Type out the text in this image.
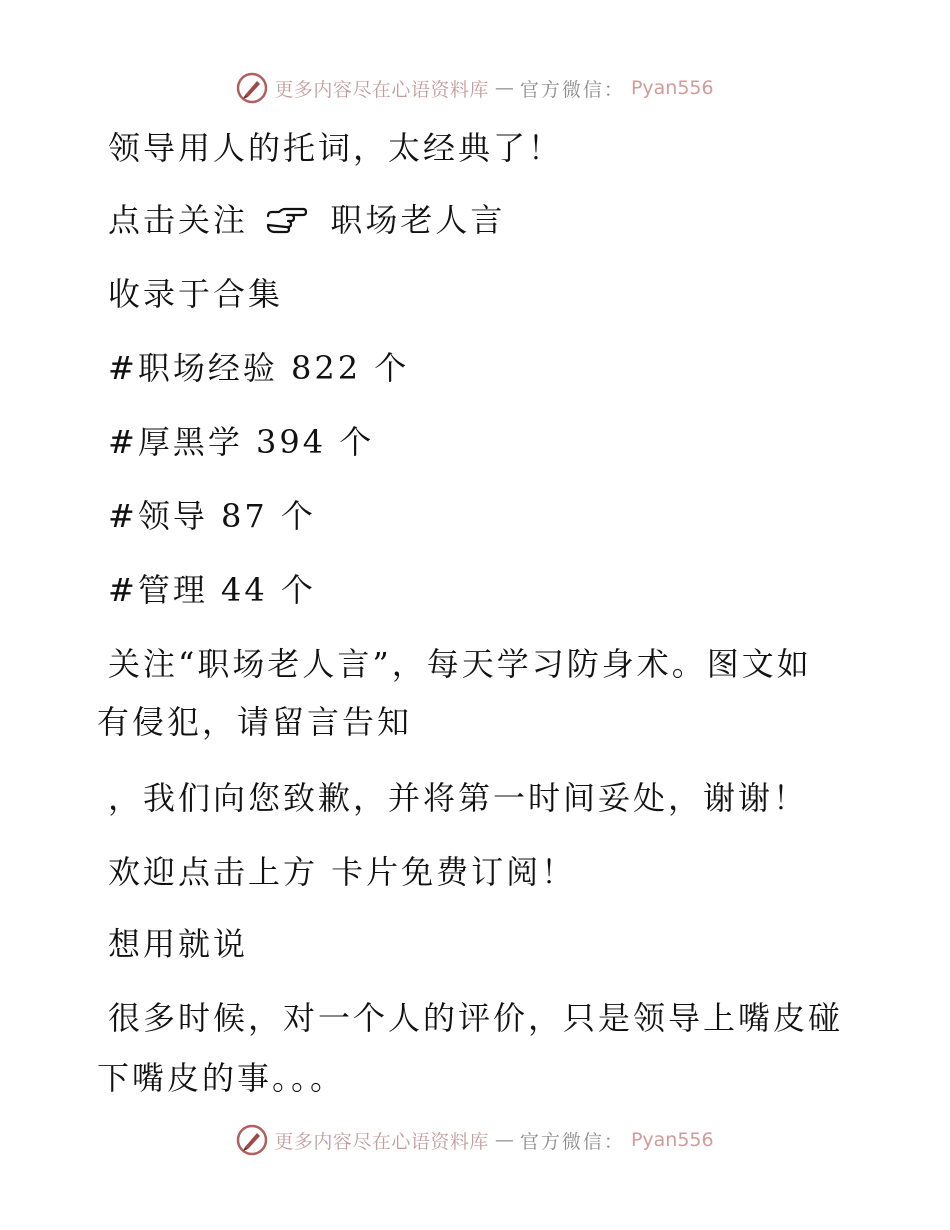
更多内容尽在心语资料库 — 官方微信： Pyan556
领导用人的托词，太经典了！
点击关注	职场老人言
收录于合集
#职场经验 822 个
#厚黑学 394 个
#领导 87 个
#管理 44 个
关注“职场老人言”，每天学习防身术。图文如
有侵犯，请留言告知
，我们向您致歉，并将第一时间妥处，谢谢！
欢迎点击上方 卡片免费订阅！
想用就说
很多时候，对一个人的评价，只是领导上嘴皮碰
下嘴皮的事。。。
更多内容尽在心语资料库 — 官方微信： Pyan556
